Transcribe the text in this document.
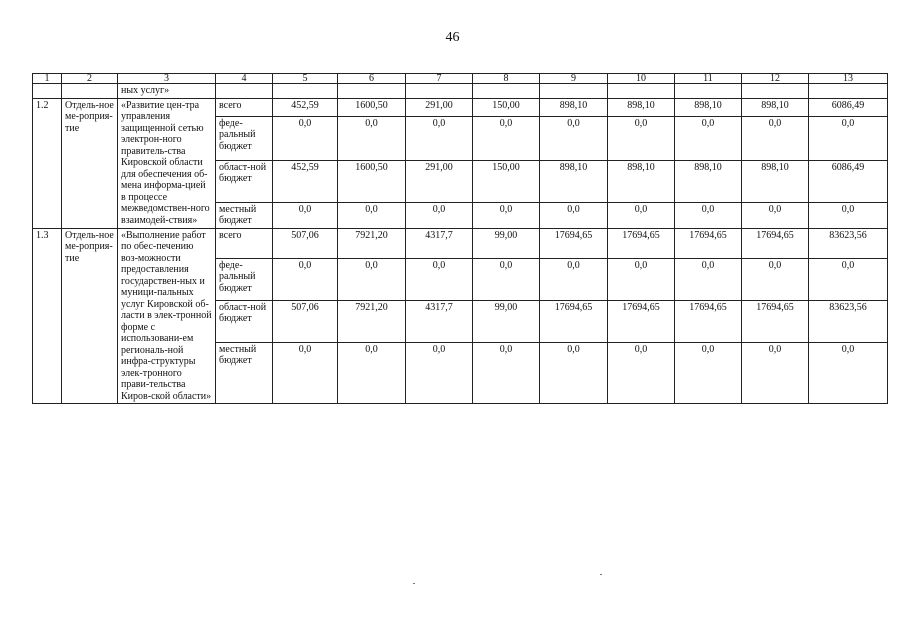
46
1	2	3	4	5	6	7	8	9	10	11	12	13
		ных услуг»										
1.2	Отдель-ное ме-роприя-тие	«Развитие цен-тра управления защищенной сетью электрон-ного правитель-ства Кировской области для обеспечения об-мена информа-цией в процессе межведомствен-ного взаимодей-ствия»	всего	452,59	1600,50	291,00	150,00	898,10	898,10	898,10	898,10	6086,49
			феде-ральный бюджет	0,0	0,0	0,0	0,0	0,0	0,0	0,0	0,0	0,0
			област-ной бюджет	452,59	1600,50	291,00	150,00	898,10	898,10	898,10	898,10	6086,49
			местный бюджет	0,0	0,0	0,0	0,0	0,0	0,0	0,0	0,0	0,0
1.3	Отдель-ное ме-роприя-тие	«Выполнение работ по обес-печению воз-можности предоставления государствен-ных и муници-пальных услуг Кировской об-ласти в элек-тронной форме с использовани-ем региональ-ной инфра-структуры элек-тронного прави-тельства Киров-ской области»	всего	507,06	7921,20	4317,7	99,00	17694,65	17694,65	17694,65	17694,65	83623,56
			феде-ральный бюджет	0,0	0,0	0,0	0,0	0,0	0,0	0,0	0,0	0,0
			област-ной бюджет	507,06	7921,20	4317,7	99,00	17694,65	17694,65	17694,65	17694,65	83623,56
			местный бюджет	0,0	0,0	0,0	0,0	0,0	0,0	0,0	0,0	0,0
